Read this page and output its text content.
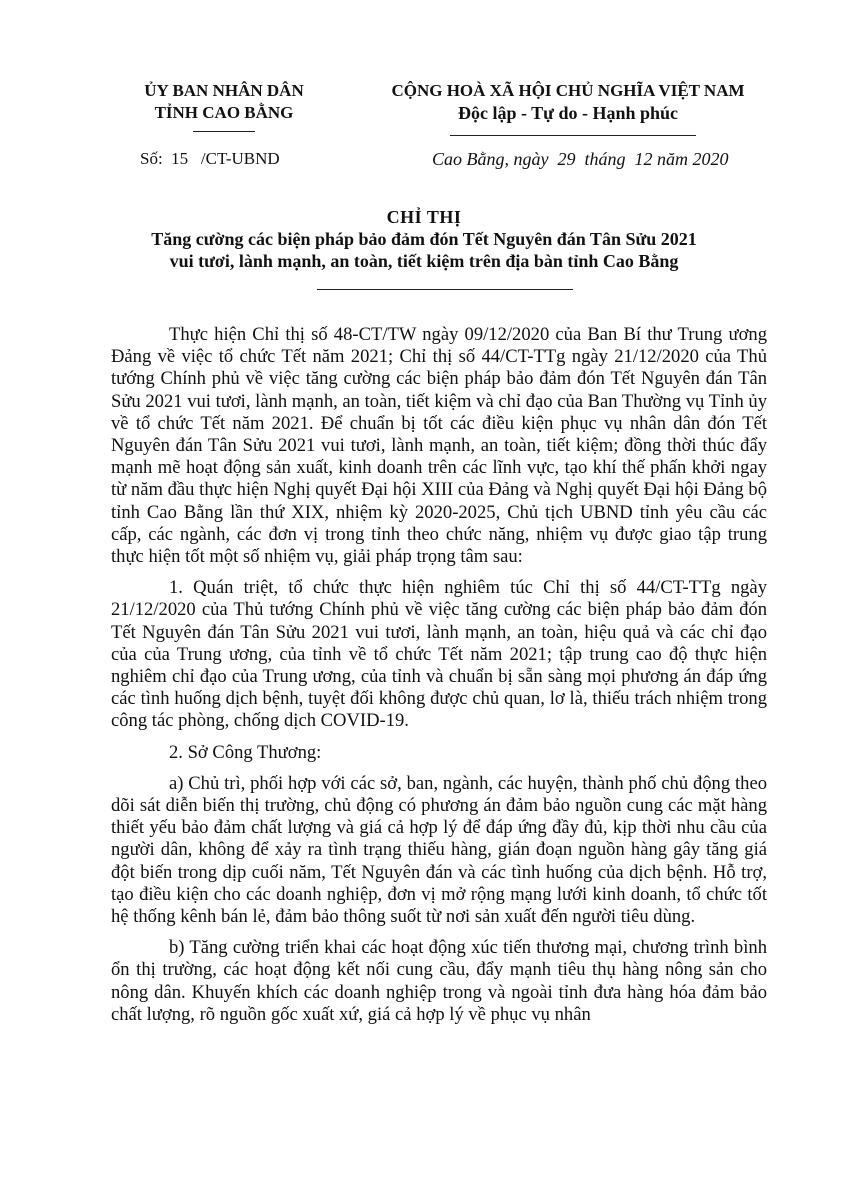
ỦY BAN NHÂN DÂN
TỈNH CAO BẰNG
CỘNG HOÀ XÃ HỘI CHỦ NGHĨA VIỆT NAM
Độc lập - Tự do - Hạnh phúc
Số:  15   /CT-UBND	Cao Bằng, ngày  29  tháng  12 năm 2020
CHỈ THỊ
Tăng cường các biện pháp bảo đảm đón Tết Nguyên đán Tân Sửu 2021
vui tươi, lành mạnh, an toàn, tiết kiệm trên địa bàn tỉnh Cao Bằng

Thực hiện Chỉ thị số 48-CT/TW ngày 09/12/2020 của Ban Bí thư Trung ương Đảng về việc tổ chức Tết năm 2021; Chỉ thị số 44/CT-TTg ngày 21/12/2020 của Thủ tướng Chính phủ về việc tăng cường các biện pháp bảo đảm đón Tết Nguyên đán Tân Sửu 2021 vui tươi, lành mạnh, an toàn, tiết kiệm và chỉ đạo của Ban Thường vụ Tỉnh ủy về tổ chức Tết năm 2021. Để chuẩn bị tốt các điều kiện phục vụ nhân dân đón Tết Nguyên đán Tân Sửu 2021 vui tươi, lành mạnh, an toàn, tiết kiệm; đồng thời thúc đẩy mạnh mẽ hoạt động sản xuất, kinh doanh trên các lĩnh vực, tạo khí thế phấn khởi ngay từ năm đầu thực hiện Nghị quyết Đại hội XIII của Đảng và Nghị quyết Đại hội Đảng bộ tỉnh Cao Bằng lần thứ XIX, nhiệm kỳ 2020-2025, Chủ tịch UBND tỉnh yêu cầu các cấp, các ngành, các đơn vị trong tỉnh theo chức năng, nhiệm vụ được giao tập trung thực hiện tốt một số nhiệm vụ, giải pháp trọng tâm sau:

1. Quán triệt, tổ chức thực hiện nghiêm túc Chỉ thị số 44/CT-TTg ngày 21/12/2020 của Thủ tướng Chính phủ về việc tăng cường các biện pháp bảo đảm đón Tết Nguyên đán Tân Sửu 2021 vui tươi, lành mạnh, an toàn, hiệu quả và các chỉ đạo của của Trung ương, của tỉnh về tổ chức Tết năm 2021; tập trung cao độ thực hiện nghiêm chỉ đạo của Trung ương, của tỉnh và chuẩn bị sẵn sàng mọi phương án đáp ứng các tình huống dịch bệnh, tuyệt đối không được chủ quan, lơ là, thiếu trách nhiệm trong công tác phòng, chống dịch COVID-19.

2. Sở Công Thương:

a) Chủ trì, phối hợp với các sở, ban, ngành, các huyện, thành phố chủ động theo dõi sát diễn biến thị trường, chủ động có phương án đảm bảo nguồn cung các mặt hàng thiết yếu bảo đảm chất lượng và giá cả hợp lý để đáp ứng đầy đủ, kịp thời nhu cầu của người dân, không để xảy ra tình trạng thiếu hàng, gián đoạn nguồn hàng gây tăng giá đột biến trong dịp cuối năm, Tết Nguyên đán và các tình huống của dịch bệnh. Hỗ trợ, tạo điều kiện cho các doanh nghiệp, đơn vị mở rộng mạng lưới kinh doanh, tổ chức tốt hệ thống kênh bán lẻ, đảm bảo thông suốt từ nơi sản xuất đến người tiêu dùng.

b) Tăng cường triển khai các hoạt động xúc tiến thương mại, chương trình bình ổn thị trường, các hoạt động kết nối cung cầu, đẩy mạnh tiêu thụ hàng nông sản cho nông dân. Khuyến khích các doanh nghiệp trong và ngoài tỉnh đưa hàng hóa đảm bảo chất lượng, rõ nguồn gốc xuất xứ, giá cả hợp lý về phục vụ nhân
